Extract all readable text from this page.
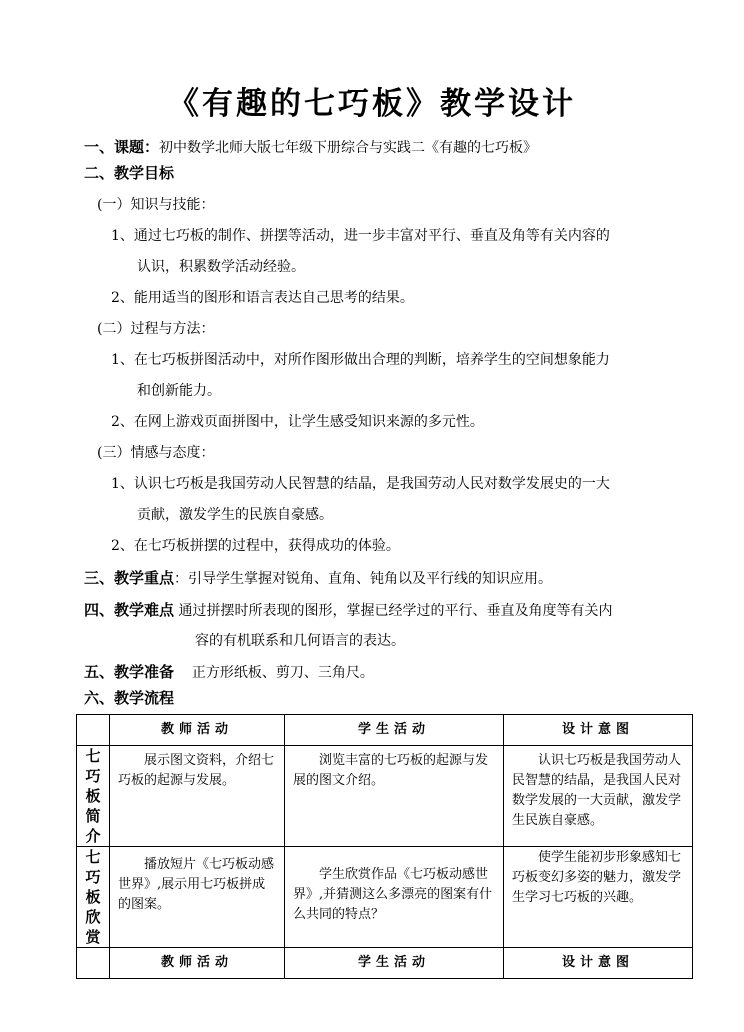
《有趣的七巧板》教学设计
一、课题：初中数学北师大版七年级下册综合与实践二《有趣的七巧板》
二、教学目标
(一）知识与技能：
1、通过七巧板的制作、拼摆等活动，进一步丰富对平行、垂直及角等有关内容的
认识，积累数学活动经验。
2、能用适当的图形和语言表达自己思考的结果。
(二）过程与方法：
1、在七巧板拼图活动中，对所作图形做出合理的判断，培养学生的空间想象能力
和创新能力。
2、在网上游戏页面拼图中，让学生感受知识来源的多元性。
(三）情感与态度：
1、认识七巧板是我国劳动人民智慧的结晶，是我国劳动人民对数学发展史的一大
贡献，激发学生的民族自豪感。
2、在七巧板拼摆的过程中，获得成功的体验。
三、教学重点：引导学生掌握对锐角、直角、钝角以及平行线的知识应用。
四、教学难点 通过拼摆时所表现的图形，掌握已经学过的平行、垂直及角度等有关内
容的有机联系和几何语言的表达。
五、教学准备 正方形纸板、剪刀、三角尺。
六、教学流程
	教师活动	学生活动	设计意图
七巧板简介	展示图文资料，介绍七巧板的起源与发展。	浏览丰富的七巧板的起源与发展的图文介绍。	认识七巧板是我国劳动人民智慧的结晶，是我国人民对数学发展的一大贡献，激发学生民族自豪感。
七巧板欣赏	播放短片《七巧板动感世界》,展示用七巧板拼成的图案。	学生欣赏作品《七巧板动感世界》,并猜测这么多漂亮的图案有什么共同的特点？	使学生能初步形象感知七巧板变幻多姿的魅力，激发学生学习七巧板的兴趣。
	教师活动	学生活动	设计意图
